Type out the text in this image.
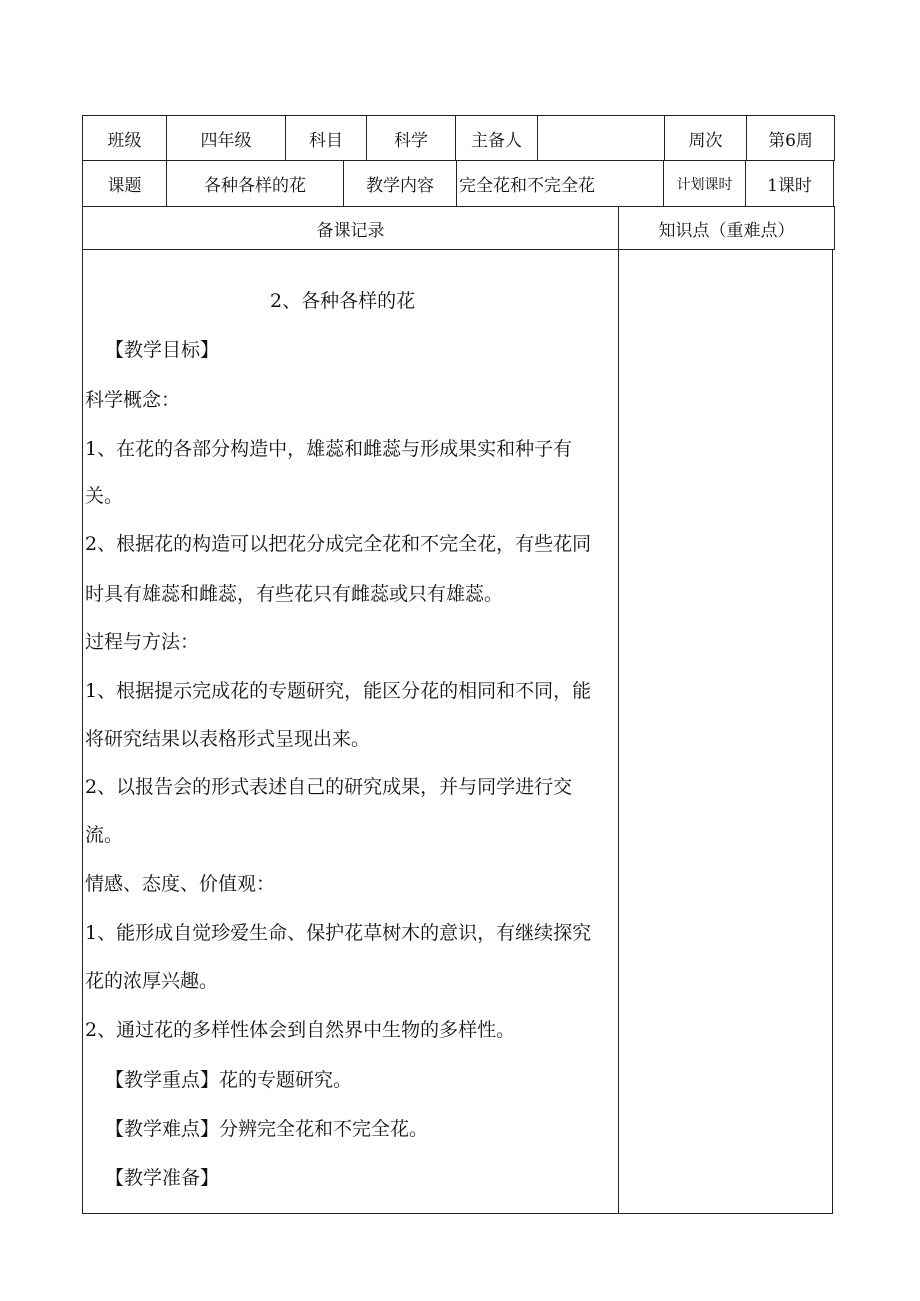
班级	四年级	科目	科学	主备人		周次	第6周
课题	各种各样的花	教学内容	完全花和不完全花	计划课时	1课时
备课记录	知识点（重难点）
2、各种各样的花
【教学目标】
科学概念：
1、在花的各部分构造中，雄蕊和雌蕊与形成果实和种子有
关。
2、根据花的构造可以把花分成完全花和不完全花，有些花同
时具有雄蕊和雌蕊，有些花只有雌蕊或只有雄蕊。
过程与方法：
1、根据提示完成花的专题研究，能区分花的相同和不同，能
将研究结果以表格形式呈现出来。
2、以报告会的形式表述自己的研究成果，并与同学进行交
流。
情感、态度、价值观：
1、能形成自觉珍爱生命、保护花草树木的意识，有继续探究
花的浓厚兴趣。
2、通过花的多样性体会到自然界中生物的多样性。
【教学重点】花的专题研究。
【教学难点】分辨完全花和不完全花。
【教学准备】
